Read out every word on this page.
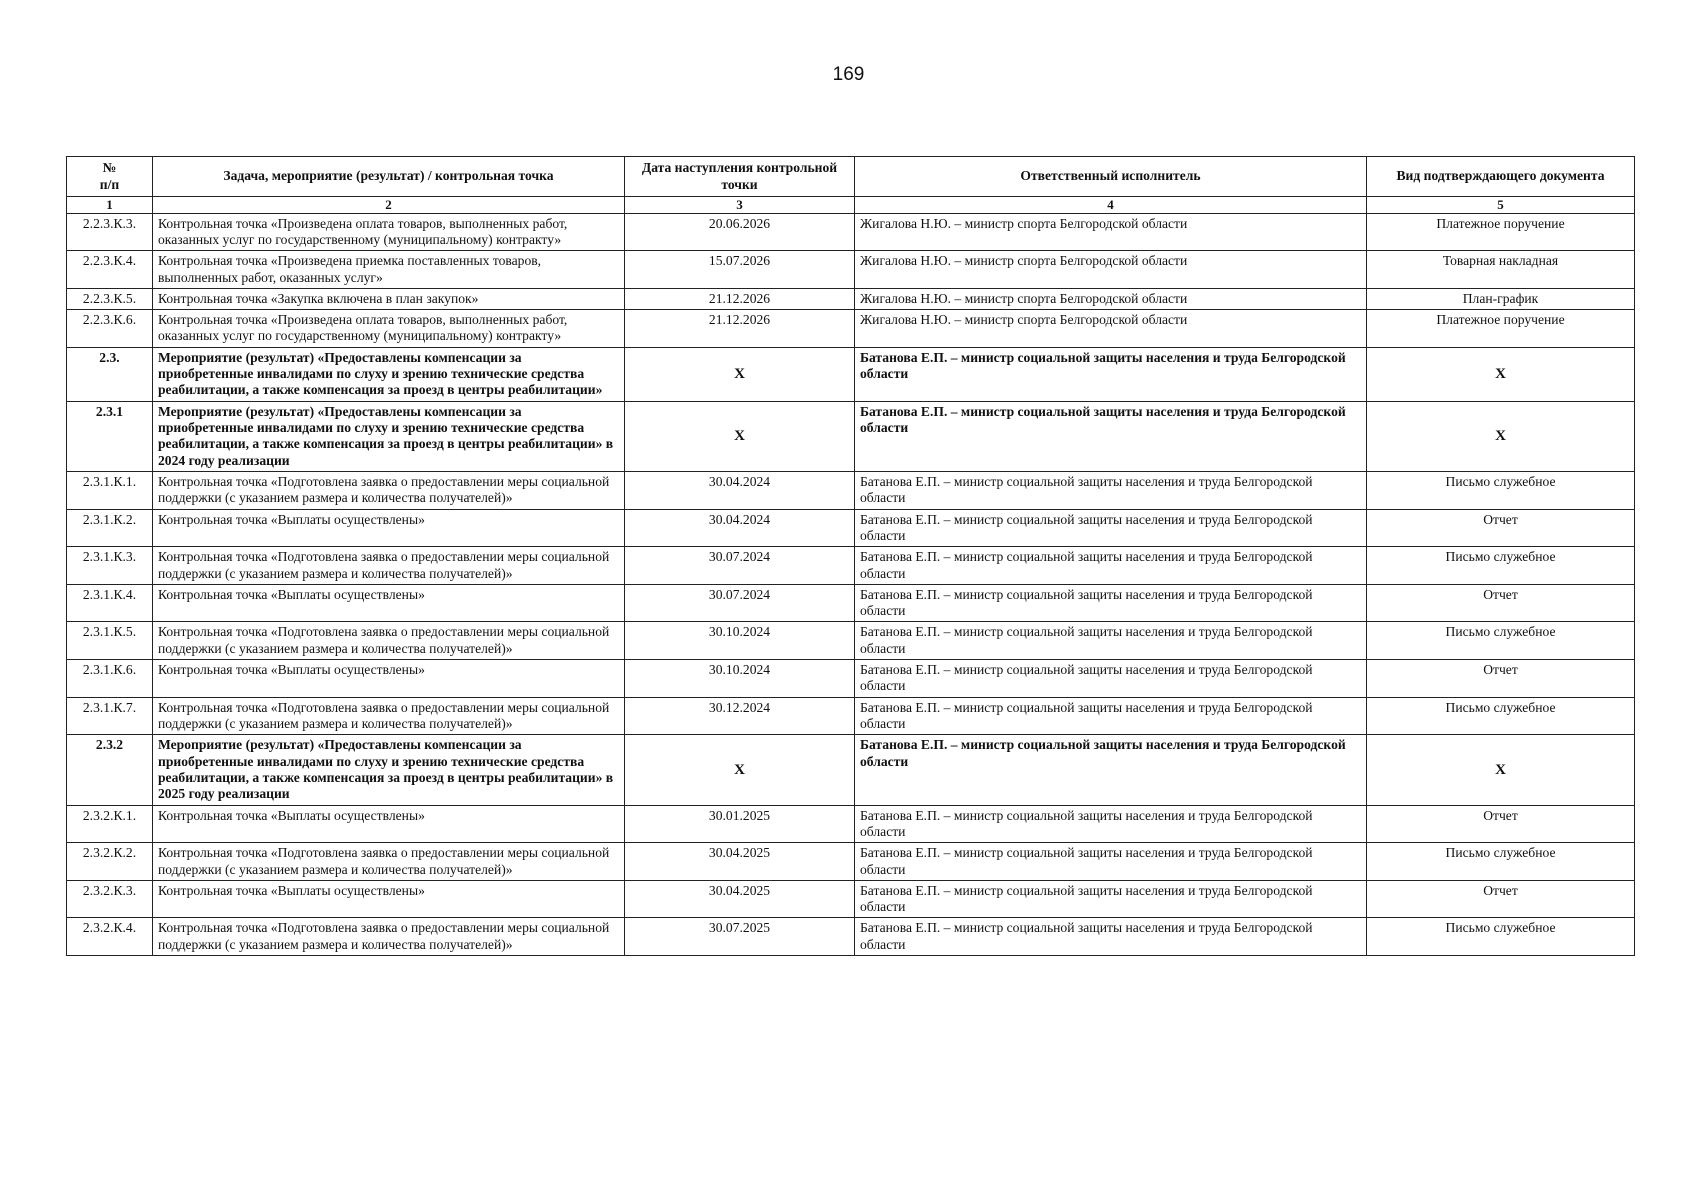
169
№
п/п	Задача, мероприятие (результат) / контрольная точка	Дата наступления контрольной точки	Ответственный исполнитель	Вид подтверждающего документа
1	2	3	4	5
2.2.3.К.3.	Контрольная точка «Произведена оплата товаров, выполненных работ, оказанных услуг по государственному (муниципальному) контракту»	20.06.2026	Жигалова Н.Ю. – министр спорта Белгородской области	Платежное поручение
2.2.3.К.4.	Контрольная точка «Произведена приемка поставленных товаров, выполненных работ, оказанных услуг»	15.07.2026	Жигалова Н.Ю. – министр спорта Белгородской области	Товарная накладная
2.2.3.К.5.	Контрольная точка «Закупка включена в план закупок»	21.12.2026	Жигалова Н.Ю. – министр спорта Белгородской области	План-график
2.2.3.К.6.	Контрольная точка «Произведена оплата товаров, выполненных работ, оказанных услуг по государственному (муниципальному) контракту»	21.12.2026	Жигалова Н.Ю. – министр спорта Белгородской области	Платежное поручение
2.3.	Мероприятие (результат) «Предоставлены компенсации за приобретенные инвалидами по слуху и зрению технические средства реабилитации, а также компенсация за проезд в центры реабилитации»	X	Батанова Е.П. – министр социальной защиты населения и труда Белгородской области	X
2.3.1	Мероприятие (результат) «Предоставлены компенсации за приобретенные инвалидами по слуху и зрению технические средства реабилитации, а также компенсация за проезд в центры реабилитации» в 2024 году реализации	X	Батанова Е.П. – министр социальной защиты населения и труда Белгородской области	X
2.3.1.К.1.	Контрольная точка «Подготовлена заявка о предоставлении меры социальной поддержки (с указанием размера и количества получателей)»	30.04.2024	Батанова Е.П. – министр социальной защиты населения и труда Белгородской области	Письмо служебное
2.3.1.К.2.	Контрольная точка «Выплаты осуществлены»	30.04.2024	Батанова Е.П. – министр социальной защиты населения и труда Белгородской области	Отчет
2.3.1.К.3.	Контрольная точка «Подготовлена заявка о предоставлении меры социальной поддержки (с указанием размера и количества получателей)»	30.07.2024	Батанова Е.П. – министр социальной защиты населения и труда Белгородской области	Письмо служебное
2.3.1.К.4.	Контрольная точка «Выплаты осуществлены»	30.07.2024	Батанова Е.П. – министр социальной защиты населения и труда Белгородской области	Отчет
2.3.1.К.5.	Контрольная точка «Подготовлена заявка о предоставлении меры социальной поддержки (с указанием размера и количества получателей)»	30.10.2024	Батанова Е.П. – министр социальной защиты населения и труда Белгородской области	Письмо служебное
2.3.1.К.6.	Контрольная точка «Выплаты осуществлены»	30.10.2024	Батанова Е.П. – министр социальной защиты населения и труда Белгородской области	Отчет
2.3.1.К.7.	Контрольная точка «Подготовлена заявка о предоставлении меры социальной поддержки (с указанием размера и количества получателей)»	30.12.2024	Батанова Е.П. – министр социальной защиты населения и труда Белгородской области	Письмо служебное
2.3.2	Мероприятие (результат) «Предоставлены компенсации за приобретенные инвалидами по слуху и зрению технические средства реабилитации, а также компенсация за проезд в центры реабилитации» в 2025 году реализации	X	Батанова Е.П. – министр социальной защиты населения и труда Белгородской области	X
2.3.2.К.1.	Контрольная точка «Выплаты осуществлены»	30.01.2025	Батанова Е.П. – министр социальной защиты населения и труда Белгородской области	Отчет
2.3.2.К.2.	Контрольная точка «Подготовлена заявка о предоставлении меры социальной поддержки (с указанием размера и количества получателей)»	30.04.2025	Батанова Е.П. – министр социальной защиты населения и труда Белгородской области	Письмо служебное
2.3.2.К.3.	Контрольная точка «Выплаты осуществлены»	30.04.2025	Батанова Е.П. – министр социальной защиты населения и труда Белгородской области	Отчет
2.3.2.К.4.	Контрольная точка «Подготовлена заявка о предоставлении меры социальной поддержки (с указанием размера и количества получателей)»	30.07.2025	Батанова Е.П. – министр социальной защиты населения и труда Белгородской области	Письмо служебное
